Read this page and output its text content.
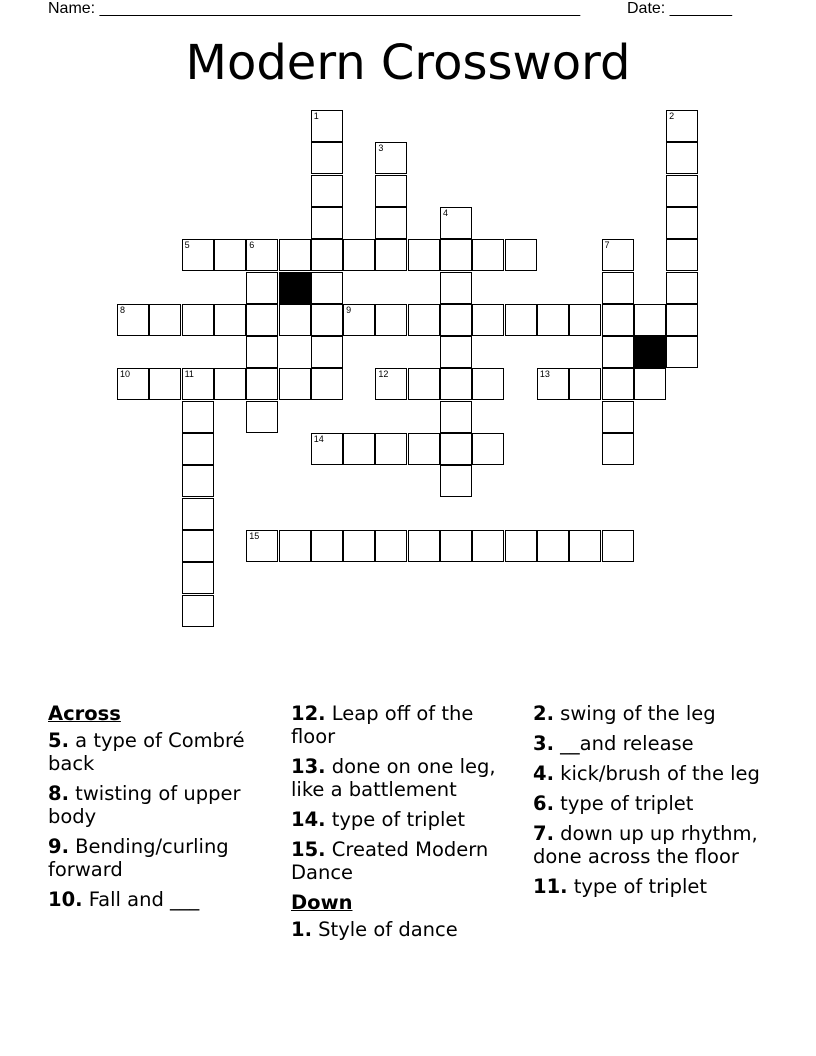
Name: ______________________________________________________	Date: _______
Modern Crossword
1	2
3
4
5	6	7
8	9
10	11	12	13
14
15
Across
5. a type of Combré back
8. twisting of upper body
9. Bending/curling forward
10. Fall and ___
12. Leap off of the floor
13. done on one leg, like a battlement
14. type of triplet
15. Created Modern Dance
Down
1. Style of dance
2. swing of the leg
3. __and release
4. kick/brush of the leg
6. type of triplet
7. down up up rhythm, done across the floor
11. type of triplet
